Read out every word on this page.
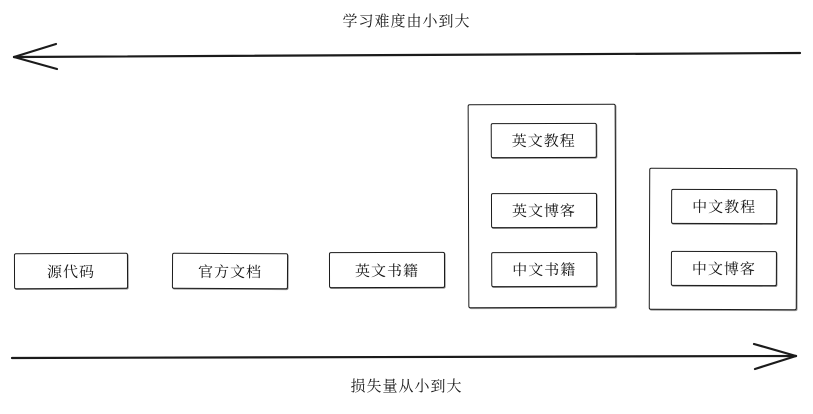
学习难度由小到大
源代码	官方文档	英文书籍
英文教程
英文博客
中文书籍
中文教程
中文博客
损失量从小到大
